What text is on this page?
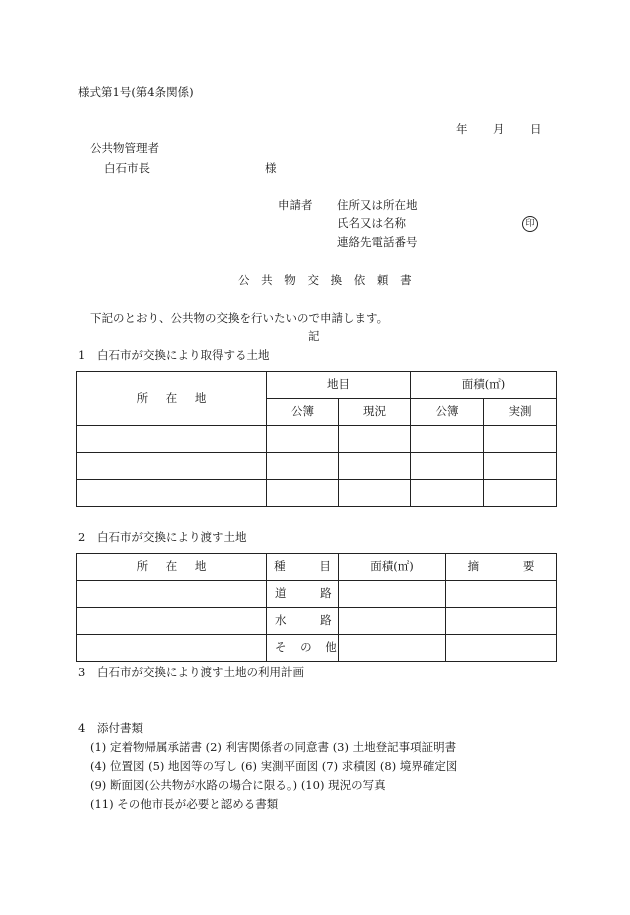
様式第1号(第4条関係)
年 月 日
公共物管理者
白石市長	様
申請者 住所又は所在地
氏名又は名称	印
連絡先電話番号
公 共 物 交 換 依 頼 書
下記のとおり、公共物の交換を行いたいので申請します。
記
1 白石市が交換により取得する土地
所 在 地	地目		面積(㎡)	
	公簿	現況	公簿	実測

2 白石市が交換により渡す土地
所 在 地	種 目	面積(㎡)	摘 要
	道 路		
	水 路		
	そ の 他		
3 白石市が交換により渡す土地の利用計画
4 添付書類
(1) 定着物帰属承諾書 (2) 利害関係者の同意書 (3) 土地登記事項証明書
(4) 位置図 (5) 地図等の写し (6) 実測平面図 (7) 求積図 (8) 境界確定図
(9) 断面図(公共物が水路の場合に限る。) (10) 現況の写真
(11) その他市長が必要と認める書類
